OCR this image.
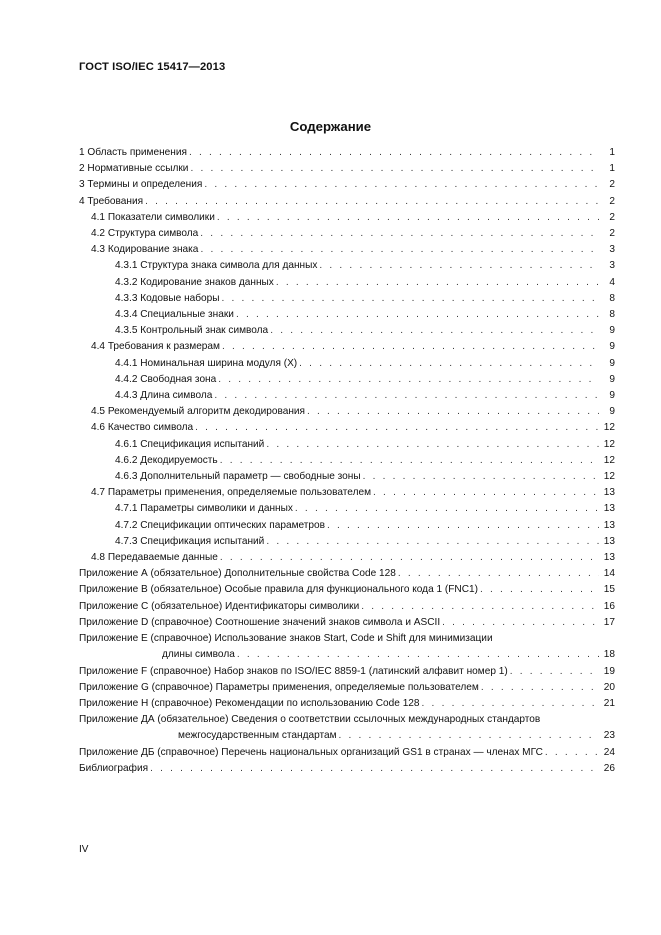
ГОСТ ISO/IEC 15417—2013
Содержание
1 Область применения . . .	1
2 Нормативные ссылки . . .	1
3 Термины и определения . . .	2
4 Требования . . .	2
4.1 Показатели символики . . .	2
4.2 Структура символа . . .	2
4.3 Кодирование знака . . .	3
4.3.1 Структура знака символа для данных . . .	3
4.3.2 Кодирование знаков данных . . .	4
4.3.3 Кодовые наборы . . .	8
4.3.4 Специальные знаки . . .	8
4.3.5 Контрольный знак символа . . .	9
4.4 Требования к размерам . . .	9
4.4.1 Номинальная ширина модуля (X) . . .	9
4.4.2 Свободная зона . . .	9
4.4.3 Длина символа . . .	9
4.5 Рекомендуемый алгоритм декодирования . . .	9
4.6 Качество символа . . .	12
4.6.1 Спецификация испытаний . . .	12
4.6.2 Декодируемость . . .	12
4.6.3 Дополнительный параметр — свободные зоны . . .	12
4.7 Параметры применения, определяемые пользователем . . .	13
4.7.1 Параметры символики и данных . . .	13
4.7.2 Спецификации оптических параметров . . .	13
4.7.3 Спецификация испытаний . . .	13
4.8 Передаваемые данные . . .	13
Приложение А (обязательное) Дополнительные свойства Code 128 . . .	14
Приложение В (обязательное) Особые правила для функционального кода 1 (FNC1) . . .	15
Приложение С (обязательное) Идентификаторы символики . . .	16
Приложение D (справочное) Соотношение значений знаков символа и ASCII . . .	17
Приложение Е (справочное) Использование знаков Start, Code и Shift для минимизации
длины символа . . .	18
Приложение F (справочное) Набор знаков по ISO/IEC 8859-1 (латинский алфавит номер 1) . . .	19
Приложение G (справочное) Параметры применения, определяемые пользователем . . .	20
Приложение Н (справочное) Рекомендации по использованию Code 128 . . .	21
Приложение ДА (обязательное) Сведения о соответствии ссылочных международных стандартов
межгосударственным стандартам . . .	23
Приложение ДБ (справочное) Перечень национальных организаций GS1 в странах — членах МГС . . .	24
Библиография . . .	26
IV
